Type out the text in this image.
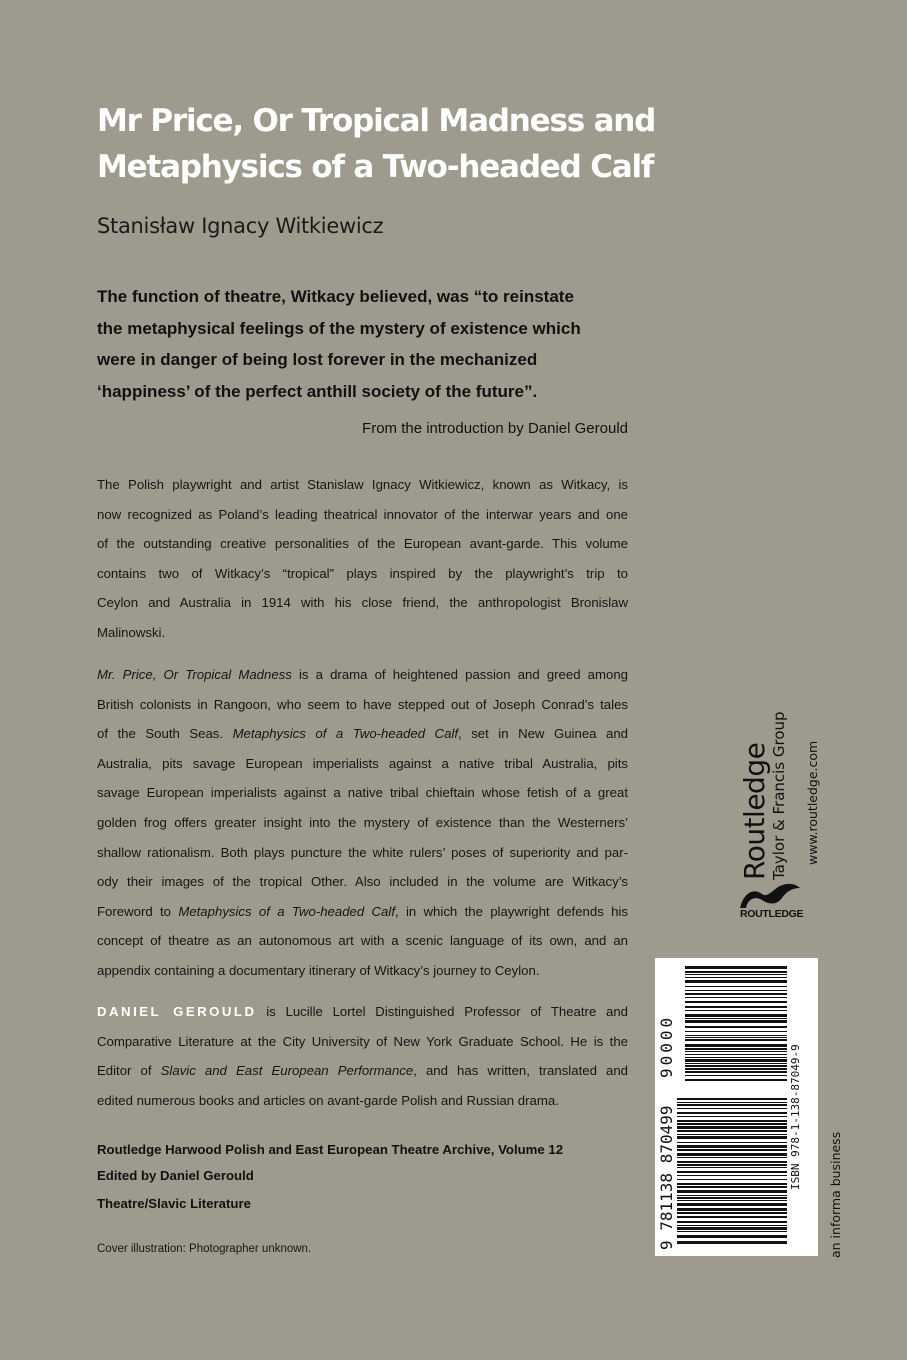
Mr Price, Or Tropical Madness and
Metaphysics of a Two-headed Calf
Stanisław Ignacy Witkiewicz
The function of theatre, Witkacy believed, was “to reinstate
the metaphysical feelings of the mystery of existence which
were in danger of being lost forever in the mechanized
‘happiness’ of the perfect anthill society of the future”.
From the introduction by Daniel Gerould
The Polish playwright and artist Stanislaw Ignacy Witkiewicz, known as Witkacy, is
now recognized as Poland’s leading theatrical innovator of the interwar years and one
of the outstanding creative personalities of the European avant-garde. This volume
contains two of Witkacy’s “tropical” plays inspired by the playwright’s trip to
Ceylon and Australia in 1914 with his close friend, the anthropologist Bronislaw
Malinowski.
Mr. Price, Or Tropical Madness is a drama of heightened passion and greed among
British colonists in Rangoon, who seem to have stepped out of Joseph Conrad’s tales
of the South Seas. Metaphysics of a Two-headed Calf, set in New Guinea and
Australia, pits savage European imperialists against a native tribal Australia, pits
savage European imperialists against a native tribal chieftain whose fetish of a great
golden frog offers greater insight into the mystery of existence than the Westerners’
shallow rationalism. Both plays puncture the white rulers’ poses of superiority and par-
ody their images of the tropical Other. Also included in the volume are Witkacy’s
Foreword to Metaphysics of a Two-headed Calf, in which the playwright defends his
concept of theatre as an autonomous art with a scenic language of its own, and an
appendix containing a documentary itinerary of Witkacy’s journey to Ceylon.
DANIEL GEROULD is Lucille Lortel Distinguished Professor of Theatre and
Comparative Literature at the City University of New York Graduate School. He is the
Editor of Slavic and East European Performance, and has written, translated and
edited numerous books and articles on avant-garde Polish and Russian drama.
Routledge Harwood Polish and East European Theatre Archive, Volume 12
Edited by Daniel Gerould
Theatre/Slavic Literature
Cover illustration: Photographer unknown.
Routledge Taylor & Francis Group www.routledge.com
ROUTLEDGE
9 781138 870499
90000	ISBN 978-1-138-87049-9
an informa business
